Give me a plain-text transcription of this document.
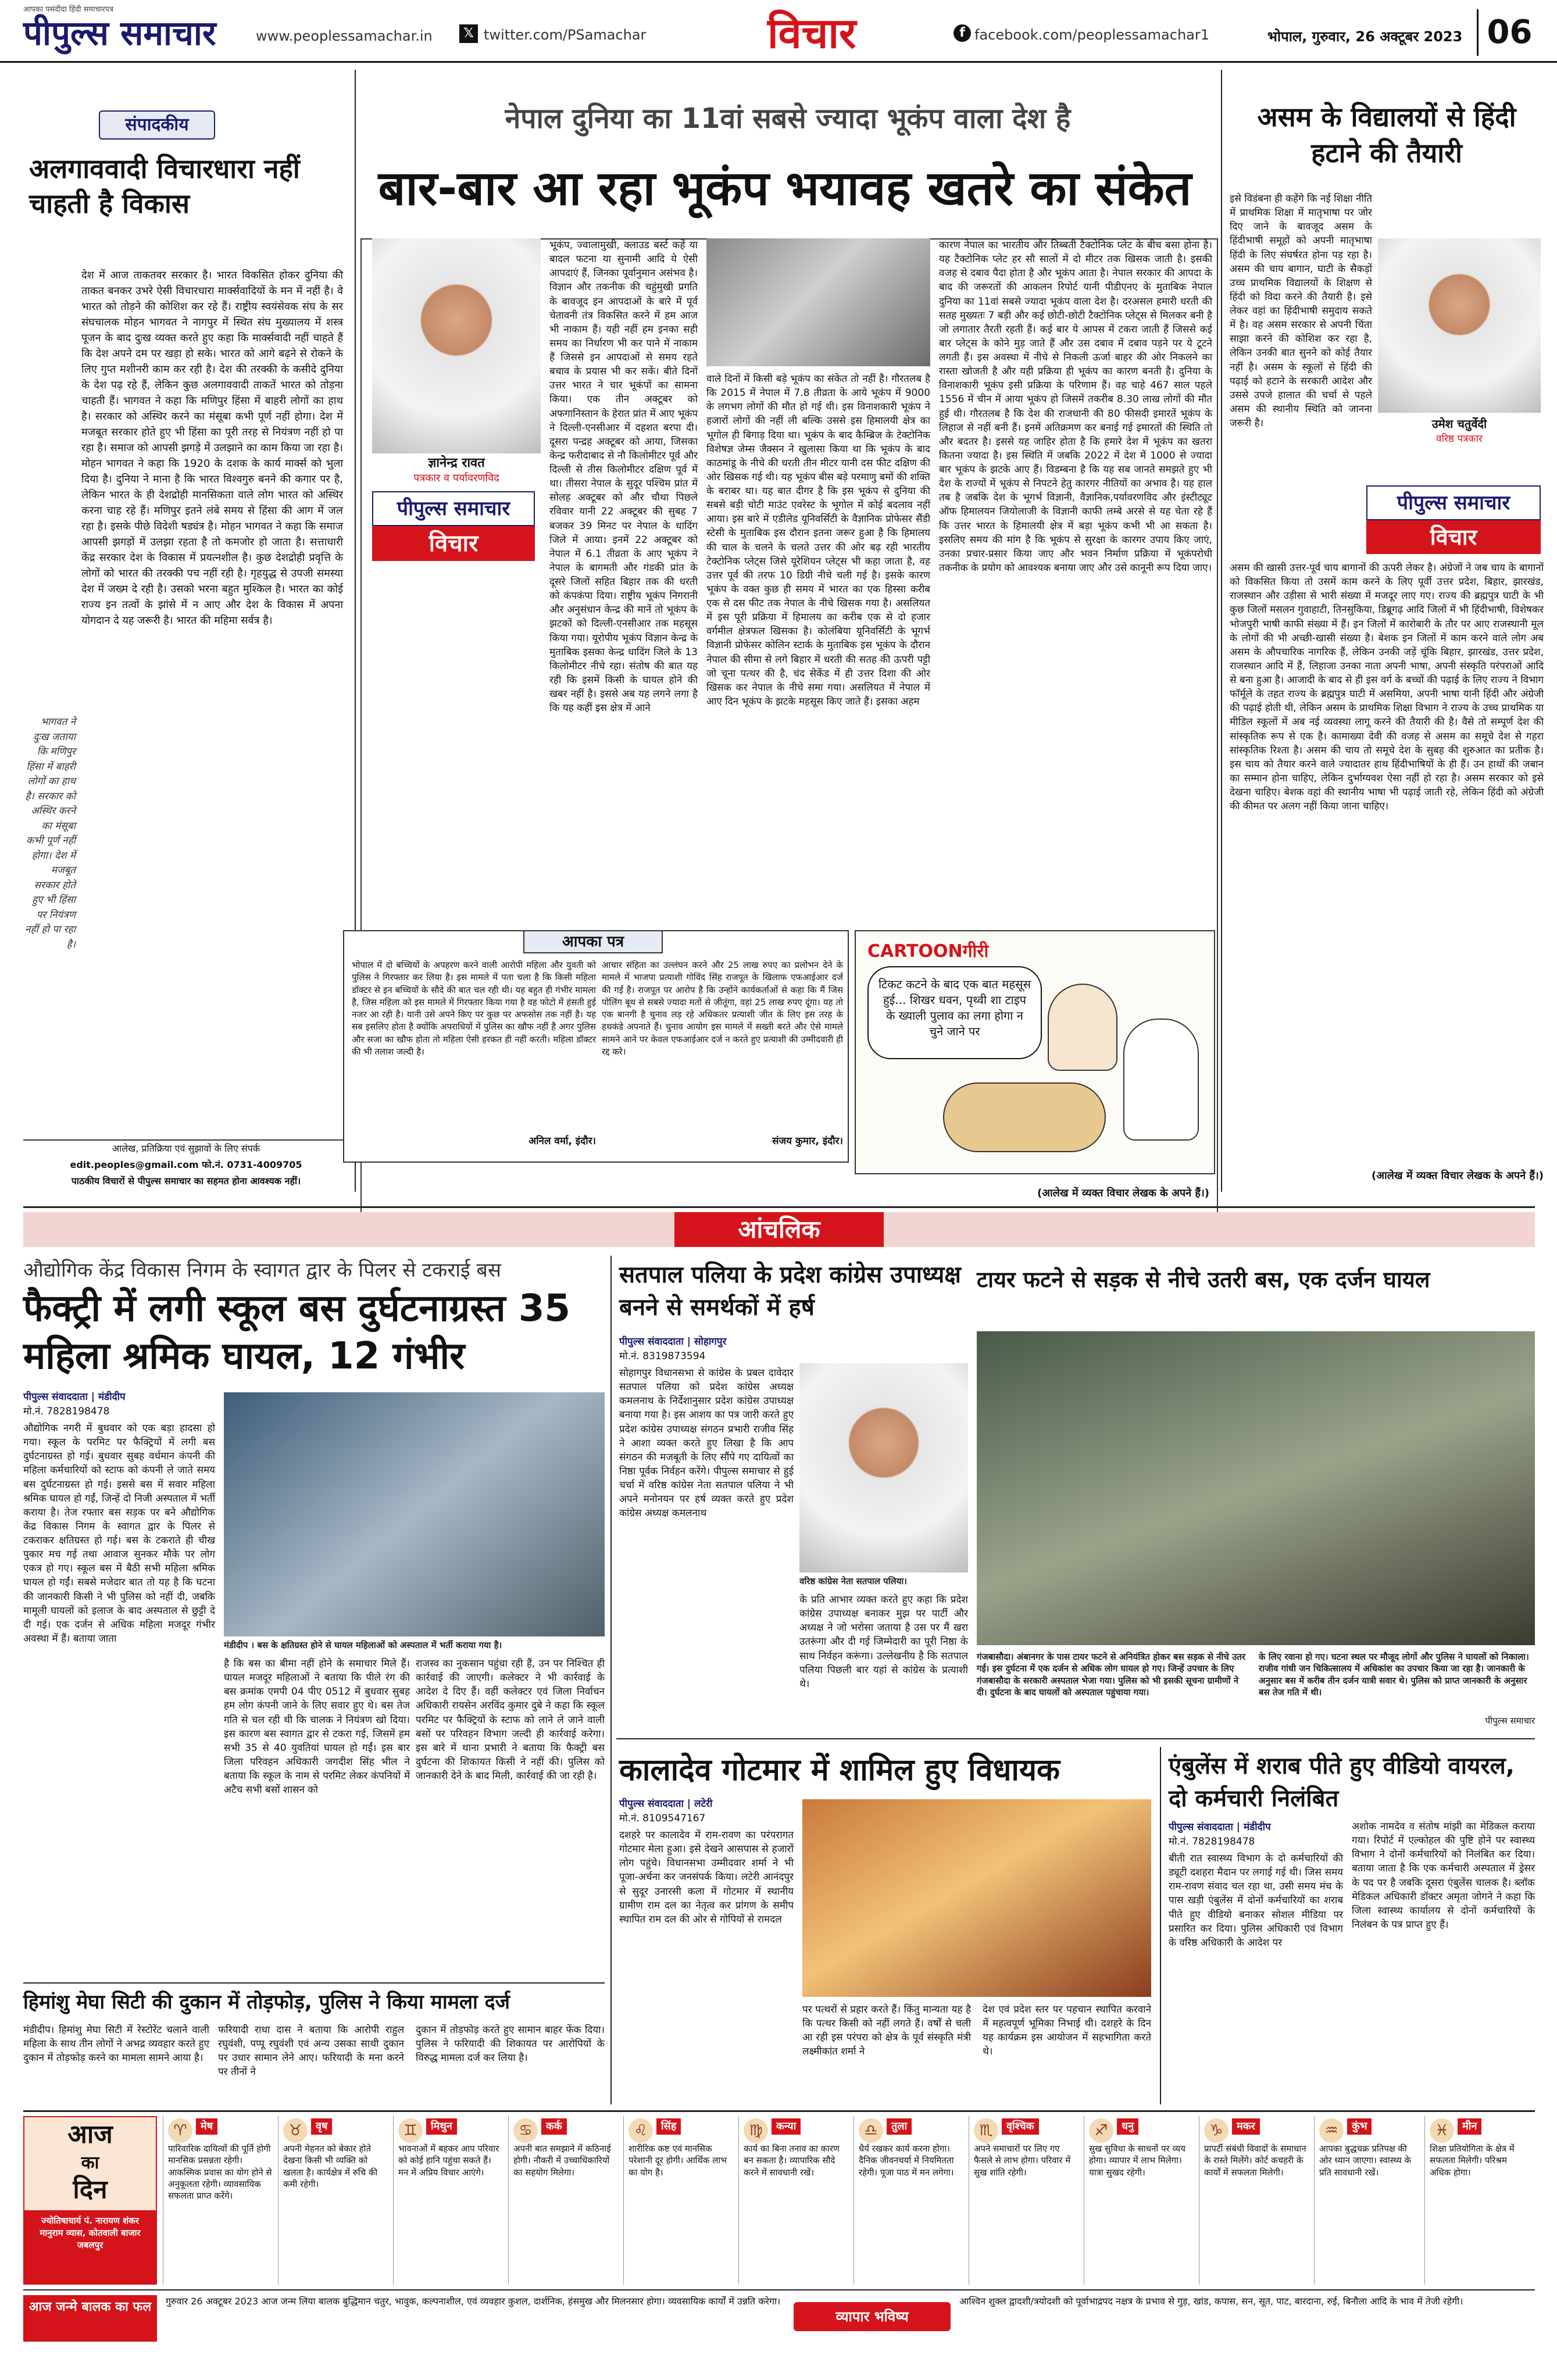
आपका पसंदीदा हिंदी समाचारपत्र
पीपुल्स समाचार	www.peoplessamachar.in	𝕏 twitter.com/PSamachar	विचार	f facebook.com/peoplessamachar1	भोपाल, गुरुवार, 26 अक्टूबर 2023 06
संपादकीय
अलगाववादी विचारधारा नहीं चाहती है विकास
देश में आज ताकतवर सरकार है। भारत विकसित होकर दुनिया की ताकत बनकर उभरे ऐसी विचारधारा मार्क्सवादियों के मन में नहीं है। वे भारत को तोड़ने की कोशिश कर रहे हैं। राष्ट्रीय स्वयंसेवक संघ के सर संघचालक मोहन भागवत ने नागपुर में स्थित संघ मुख्यालय में शस्त्र पूजन के बाद दुःख व्यक्त करते हुए कहा कि मार्क्सवादी नहीं चाहते हैं कि देश अपने दम पर खड़ा हो सके। भारत को आगे बढ़ने से रोकने के लिए गुप्त मशीनरी काम कर रही है। देश की तरक्की के कसीदे दुनिया के देश पढ़ रहे हैं, लेकिन कुछ अलगाववादी ताकतें भारत को तोड़ना चाहती हैं। भागवत ने कहा कि मणिपुर हिंसा में बाहरी लोगों का हाथ है। सरकार को अस्थिर करने का मंसूबा कभी पूर्ण नहीं होगा। देश में मजबूत सरकार होते हुए भी हिंसा का पूरी तरह से नियंत्रण नहीं हो पा रहा है। समाज को आपसी झगड़े में उलझाने का काम किया जा रहा है। मोहन भागवत ने कहा कि 1920 के दशक के कार्य मार्क्स को भुला दिया है। दुनिया ने माना है कि भारत विश्वगुरु बनने की कगार पर है, लेकिन भारत के ही देशद्रोही मानसिकता वाले लोग भारत को अस्थिर करना चाह रहे हैं। मणिपुर इतने लंबे समय से हिंसा की आग में जल रहा है। इसके पीछे विदेशी षड्यंत्र है। मोहन भागवत ने कहा कि समाज आपसी झगड़ों में उलझा रहता है तो कमजोर हो जाता है। सत्ताधारी केंद्र सरकार देश के विकास में प्रयत्नशील है। कुछ देशद्रोही प्रवृत्ति के लोगों को भारत की तरक्की पच नहीं रही है। गृहयुद्ध से उपजी समस्या देश में जख्म दे रही है। उसको भरना बहुत मुश्किल है। भारत का कोई राज्य इन तत्वों के झांसे में न आए और देश के विकास में अपना योगदान दे यह जरूरी है। भारत की महिमा सर्वत्र है।
भागवत ने दुःख जताया कि मणिपुर हिंसा में बाहरी लोगों का हाथ है। सरकार को अस्थिर करने का मंसूबा कभी पूर्ण नहीं होगा। देश में मजबूत सरकार होते हुए भी हिंसा पर नियंत्रण नहीं हो पा रहा है।
आलेख, प्रतिक्रिया एवं सुझावों के लिए संपर्क
edit.peoples@gmail.com फो.नं. 0731-4009705
पाठकीय विचारों से पीपुल्स समाचार का सहमत होना आवश्यक नहीं।
नेपाल दुनिया का 11वां सबसे ज्यादा भूकंप वाला देश है
बार-बार आ रहा भूकंप भयावह खतरे का संकेत
ज्ञानेन्द्र रावत
पत्रकार व पर्यावरणविद
पीपुल्स समाचार
विचार
भूकंप, ज्वालामुखी, क्लाउड बर्स्ट कहें या बादल फटना या सुनामी आदि ये ऐसी आपदाएं हैं, जिनका पूर्वानुमान असंभव है। विज्ञान और तकनीक की चहुंमुखी प्रगति के बावजूद इन आपदाओं के बारे में पूर्व चेतावनी तंत्र विकसित करने में हम आज भी नाकाम हैं। यही नहीं हम इनका सही समय का निर्धारण भी कर पाने में नाकाम हैं जिससे इन आपदाओं से समय रहते बचाव के प्रयास भी कर सकें। बीते दिनों उत्तर भारत ने चार भूकंपों का सामना किया। एक तीन अक्टूबर को अफगानिस्तान के हेरात प्रांत में आए भूकंप ने दिल्ली-एनसीआर में दहशत बरपा दी। दूसरा पन्द्रह अक्टूबर को आया, जिसका केन्द्र फरीदाबाद से नौ किलोमीटर पूर्व और दिल्ली से तीस किलोमीटर दक्षिण पूर्व में था। तीसरा नेपाल के सुदूर पश्चिम प्रांत में सोलह अक्टूबर को और चौथा पिछले रविवार यानी 22 अक्टूबर की सुबह 7 बजकर 39 मिनट पर नेपाल के धादिंग जिले में आया। इनमें 22 अक्टूबर को नेपाल में 6.1 तीव्रता के आए भूकंप ने नेपाल के बागमती और गंडकी प्रांत के दूसरे जिलों सहित बिहार तक की धरती को कंपकंपा दिया। राष्ट्रीय भूकंप निगरानी और अनुसंधान केन्द्र की मानें तो भूकंप के झटकों को दिल्ली-एनसीआर तक महसूस किया गया। यूरोपीय भूकंप विज्ञान केन्द्र के मुताबिक इसका केन्द्र धादिंग जिले के 13 किलोमीटर नीचे रहा। संतोष की बात यह रही कि इसमें किसी के घायल होने की खबर नहीं है। इससे अब यह लगने लगा है कि यह कहीं इस क्षेत्र में आने
वाले दिनों में किसी बड़े भूकंप का संकेत तो नहीं है। गौरतलब है कि 2015 में नेपाल में 7.8 तीव्रता के आये भूकंप में 9000 के लगभग लोगों की मौत हो गई थी। इस विनाशकारी भूकंप ने हजारों लोगों की नहीं ली बल्कि उससे इस हिमालयी क्षेत्र का भूगोल ही बिगाड़ दिया था। भूकंप के बाद कैम्ब्रिज के टेक्टोनिक विशेषज्ञ जेम्स जैक्सन ने खुलासा किया था कि भूकंप के बाद काठमांडू के नीचे की धरती तीन मीटर यानी दस फीट दक्षिण की ओर खिसक गई थी। यह भूकंप बीस बड़े परमाणु बमों की शक्ति के बराबर था। यह बात दीगर है कि इस भूकंप से दुनिया की सबसे बड़ी चोटी माउंट एवरेस्ट के भूगोल में कोई बदलाव नहीं आया। इस बारे में एडीलेड यूनिवर्सिटी के वैज्ञानिक प्रोफेसर सैंडी स्टेसी के मुताबिक इस दौरान इतना जरूर हुआ है कि हिमालय की चाल के चलने के चलते उत्तर की ओर बढ़ रही भारतीय टेक्टोनिक प्लेट्स जिसे यूरेशियन प्लेट्स भी कहा जाता है, वह उत्तर पूर्व की तरफ 10 डिग्री नीचे चली गई है। इसके कारण भूकंप के वक्त कुछ ही समय में भारत का एक हिस्सा करीब एक से दस फीट तक नेपाल के नीचे खिसक गया है। असलियत में इस पूरी प्रक्रिया में हिमालय का करीब एक से दो हजार वर्गमील क्षेत्रफल खिसका है। कोलंबिया यूनिवर्सिटी के भूगर्भ विज्ञानी प्रोफेसर कोलिन स्टार्क के मुताबिक इस भूकंप के दौरान नेपाल की सीमा से लगे बिहार में धरती की सतह की ऊपरी पट्टी जो चूना पत्थर की है, चंद सेकेंड में ही उत्तर दिशा की ओर खिसक कर नेपाल के नीचे समा गया। असलियत में नेपाल में आए दिन भूकंप के झटके महसूस किए जाते हैं। इसका अहम
कारण नेपाल का भारतीय और तिब्बती टैक्टोनिक प्लेट के बीच बसा होना है। यह टैक्टोनिक प्लेट हर सौ सालों में दो मीटर तक खिसक जाती है। इसकी वजह से दबाव पैदा होता है और भूकंप आता है। नेपाल सरकार की आपदा के बाद की जरूरतों की आकलन रिपोर्ट यानी पीडीएनए के मुताबिक नेपाल दुनिया का 11वां सबसे ज्यादा भूकंप वाला देश है। दरअसल हमारी धरती की सतह मुख्यतः 7 बड़ी और कई छोटी-छोटी टैक्टोनिक प्लेट्स से मिलकर बनी है जो लगातार तैरती रहती हैं। कई बार ये आपस में टकरा जाती हैं जिससे कई बार प्लेट्स के कोने मुड़ जाते हैं और उस दबाव में दबाव पड़ने पर ये टूटने लगती हैं। इस अवस्था में नीचे से निकली ऊर्जा बाहर की ओर निकलने का रास्ता खोजती है और यही प्रक्रिया ही भूकंप का कारण बनती है। दुनिया के विनाशकारी भूकंप इसी प्रक्रिया के परिणाम हैं। वह चाहे 467 साल पहले 1556 में चीन में आया भूकंप हो जिसमें तकरीब 8.30 लाख लोगों की मौत हुई थी। गौरतलब है कि देश की राजधानी की 80 फीसदी इमारतें भूकंप के लिहाज से नहीं बनी हैं। इनमें अतिक्रमण कर बनाई गई इमारतों की स्थिति तो और बदतर है। इससे यह जाहिर होता है कि हमारे देश में भूकंप का खतरा कितना ज्यादा है। इस स्थिति में जबकि 2022 में देश में 1000 से ज्यादा बार भूकंप के झटके आए हैं। विडम्बना है कि यह सब जानते समझते हुए भी देश के राज्यों में भूकंप से निपटने हेतु कारगर नीतियों का अभाव है। यह हाल तब है जबकि देश के भूगर्भ विज्ञानी, वैज्ञानिक,पर्यावरणविद और इंस्टीट्यूट ऑफ हिमालयन जियोलाजी के विज्ञानी काफी लम्बे अरसे से यह चेता रहे हैं कि उत्तर भारत के हिमालयी क्षेत्र में बड़ा भूकंप कभी भी आ सकता है। इसलिए समय की मांग है कि भूकंप से सुरक्षा के कारगर उपाय किए जाएं, उनका प्रचार-प्रसार किया जाए और भवन निर्माण प्रक्रिया में भूकंपरोधी तकनीक के प्रयोग को आवश्यक बनाया जाए और उसे कानूनी रूप दिया जाए।
(आलेख में व्यक्त विचार लेखक के अपने हैं।)
आपका पत्र
भोपाल में दो बच्चियों के अपहरण करने वाली आरोपी महिला और युवती को पुलिस ने गिरफ्तार कर लिया है। इस मामले में पता चला है कि किसी महिला डॉक्टर से इन बच्चियों के सौदे की बात चल रही थी। यह बहुत ही गंभीर मामला है, जिस महिला को इस मामले में गिरफ्तार किया गया है वह फोटो में हंसती हुई नजर आ रही है। यानी उसे अपने किए पर कुछ पर अफसोस तक नहीं है। यह सब इसलिए होता है क्योंकि अपराधियों में पुलिस का खौफ नहीं है अगर पुलिस और सजा का खौफ होता तो महिला ऐसी हरकत ही नहीं करती। महिला डॉक्टर की भी तलाश जल्दी है।
अनिल वर्मा, इंदौर।
आचार संहिता का उल्लंघन करने और 25 लाख रुपए का प्रलोभन देने के मामले में भाजपा प्रत्याशी गोविंद सिंह राजपूत के खिलाफ एफआईआर दर्ज की गई है। राजपूत पर आरोप है कि उन्होंने कार्यकर्ताओं से कहा कि मैं जिस पोलिंग बूथ से सबसे ज्यादा मतों से जीतूंगा, वहां 25 लाख रुपए दूंगा। यह तो एक बानगी है चुनाव लड़ रहे अधिकतर प्रत्याशी जीत के लिए इस तरह के हथकंडे अपनाते हैं। चुनाव आयोग इस मामले में सख्ती बरते और ऐसे मामले सामने आने पर केवल एफआईआर दर्ज न करते हुए प्रत्याशी की उम्मीदवारी ही रद्द करे।
संजय कुमार, इंदौर।
CARTOONगीरी
टिकट कटने के बाद एक बात महसूस हुई... शिखर धवन, पृथ्वी शा टाइप के ख्याली पुलाव का लगा होगा न चुने जाने पर
असम के विद्यालयों से हिंदी हटाने की तैयारी
इसे विडंबना ही कहेंगे कि नई शिक्षा नीति में प्राथमिक शिक्षा में मातृभाषा पर जोर दिए जाने के बावजूद असम के हिंदीभाषी समूहों को अपनी मातृभाषा हिंदी के लिए संघर्षरत होना पड़ रहा है। असम की चाय बागान, घाटी के सैकड़ों उच्च प्राथमिक विद्यालयों के शिक्षण से हिंदी को विदा करने की तैयारी है। इसे लेकर वहां का हिंदीभाषी समुदाय सकते में है। वह असम सरकार से अपनी चिंता साझा करने की कोशिश कर रहा है, लेकिन उनकी बात सुनने को कोई तैयार नहीं है। असम के स्कूलों से हिंदी की पढ़ाई को हटाने के सरकारी आदेश और उससे उपजे हालात की चर्चा से पहले असम की स्थानीय स्थिति को जानना जरूरी है।	उमेश चतुर्वेदी
वरिष्ठ पत्रकार
पीपुल्स समाचार
विचार
असम की खासी उत्तर-पूर्व चाय बागानों की ऊपरी लेकर है। अंग्रेजों ने जब चाय के बागानों को विकसित किया तो उसमें काम करने के लिए पूर्वी उत्तर प्रदेश, बिहार, झारखंड, राजस्थान और उड़ीसा से भारी संख्या में मजदूर लाए गए। राज्य की ब्रह्मपुत्र घाटी के भी कुछ जिलों मसलन गुवाहाटी, तिनसुकिया, डिब्रूगढ़ आदि जिलों में भी हिंदीभाषी, विशेषकर भोजपुरी भाषी काफी संख्या में हैं। इन जिलों में कारोबारी के तौर पर आए राजस्थानी मूल के लोगों की भी अच्छी-खासी संख्या है। बेशक इन जिलों में काम करने वाले लोग अब असम के औपचारिक नागरिक हैं, लेकिन उनकी जड़ें चूंकि बिहार, झारखंड, उत्तर प्रदेश, राजस्थान आदि में हैं, लिहाजा उनका नाता अपनी भाषा, अपनी संस्कृति परंपराओं आदि से बना हुआ है। आजादी के बाद से ही इस वर्ग के बच्चों की पढ़ाई के लिए राज्य ने विभाग फॉर्मूले के तहत राज्य के ब्रह्मपुत्र घाटी में असमिया, अपनी भाषा यानी हिंदी और अंग्रेजी की पढ़ाई होती थी, लेकिन असम के प्राथमिक शिक्षा विभाग ने राज्य के उच्च प्राथमिक या मीडिल स्कूलों में अब नई व्यवस्था लागू करने की तैयारी की है। वैसे तो सम्पूर्ण देश की सांस्कृतिक रूप से एक है। कामाख्या देवी की वजह से असम का समूचे देश से गहरा सांस्कृतिक रिश्ता है। असम की चाय तो समूचे देश के सुबह की शुरुआत का प्रतीक है। इस चाय को तैयार करने वाले ज्यादातर हाथ हिंदीभाषियों के ही हैं। उन हाथों की जबान का सम्मान होना चाहिए, लेकिन दुर्भाग्यवश ऐसा नहीं हो रहा है। असम सरकार को इसे देखना चाहिए। बेशक वहां की स्थानीय भाषा भी पढ़ाई जाती रहे, लेकिन हिंदी को अंग्रेजी की कीमत पर अलग नहीं किया जाना चाहिए।
(आलेख में व्यक्त विचार लेखक के अपने हैं।)
आंचलिक
औद्योगिक केंद्र विकास निगम के स्वागत द्वार के पिलर से टकराई बस
फैक्ट्री में लगी स्कूल बस दुर्घटनाग्रस्त 35 महिला श्रमिक घायल, 12 गंभीर
पीपुल्स संवाददाता | मंडीदीप
मो.नं. 7828198478
औद्योगिक नगरी में बुधवार को एक बड़ा हादसा हो गया। स्कूल के परमिट पर फैक्ट्रियों में लगी बस दुर्घटनाग्रस्त हो गई। बुधवार सुबह वर्धमान कंपनी की महिला कर्मचारियों को स्टाफ को कंपनी ले जाते समय बस दुर्घटनाग्रस्त हो गई। इससे बस में सवार महिला श्रमिक घायल हो गईं, जिन्हें दो निजी अस्पताल में भर्ती कराया है। तेज रफ्तार बस सड़क पर बने औद्योगिक केंद्र विकास निगम के स्वागत द्वार के पिलर से टकराकर क्षतिग्रस्त हो गई। बस के टकराते ही चीख पुकार मच गई तथा आवाज सुनकर मौके पर लोग एकत्र हो गए। स्कूल बस में बैठी सभी महिला श्रमिक घायल हो गईं। सबसे मजेदार बात तो यह है कि घटना की जानकारी किसी ने भी पुलिस को नहीं दी, जबकि मामूली घायलों को इलाज के बाद अस्पताल से छुट्टी दे दी गई। एक दर्जन से अधिक महिला मजदूर गंभीर अवस्था में हैं। बताया जाता
मंडीदीप । बस के क्षतिग्रस्त होने से घायल महिलाओं को अस्पताल में भर्ती कराया गया है।
है कि बस का बीमा नहीं होने के समाचार मिले हैं। घायल मजदूर महिलाओं ने बताया कि पीले रंग की बस क्रमांक एमपी 04 पीए 0512 में बुधवार सुबह हम लोग कंपनी जाने के लिए सवार हुए थे। बस तेज गति से चल रही थी कि चालक ने नियंत्रण खो दिया। इस कारण बस स्वागत द्वार से टकरा गई, जिसमें हम सभी 35 से 40 युवतियां घायल हो गईं। इस बार जिला परिवहन अधिकारी जगदीश सिंह भील ने बताया कि स्कूल के नाम से परमिट लेकर कंपनियों में अटैच सभी बसों शासन को
राजस्व का नुकसान पहुंचा रही हैं, उन पर निश्चित ही कार्रवाई की जाएगी। कलेक्टर ने भी कार्रवाई के आदेश दे दिए हैं। वहीं कलेक्टर एवं जिला निर्वाचन अधिकारी रायसेन अरविंद कुमार दुबे ने कहा कि स्कूल परमिट पर फैक्ट्रियों के स्टाफ को लाने ले जाने वाली बसों पर परिवहन विभाग जल्दी ही कार्रवाई करेगा। इस बारे में थाना प्रभारी ने बताया कि फैक्ट्री बस दुर्घटना की शिकायत किसी ने नहीं की। पुलिस को जानकारी देने के बाद मिली, कार्रवाई की जा रही है।
हिमांशु मेघा सिटी की दुकान में तोड़फोड़, पुलिस ने किया मामला दर्ज
मंडीदीप। हिमांशु मेघा सिटी में रेस्टोरेंट चलाने वाली महिला के साथ तीन लोगों ने अभद्र व्यवहार करते हुए दुकान में तोड़फोड़ करने का मामला सामने आया है।
फरियादी राधा दास ने बताया कि आरोपी राहुल रघुवंशी, पप्पू रघुवंशी एवं अन्य उसका साथी दुकान पर उधार सामान लेने आए। फरियादी के मना करने पर तीनों ने
दुकान में तोड़फोड़ करते हुए सामान बाहर फेंक दिया। पुलिस ने फरियादी की शिकायत पर आरोपियों के विरुद्ध मामला दर्ज कर लिया है।
सतपाल पलिया के प्रदेश कांग्रेस उपाध्यक्ष बनने से समर्थकों में हर्ष
पीपुल्स संवाददाता | सोहागपुर
मो.नं. 8319873594
सोहागपुर विधानसभा से कांग्रेस के प्रबल दावेदार सतपाल पलिया को प्रदेश कांग्रेस अध्यक्ष कमलनाथ के निर्देशानुसार प्रदेश कांग्रेस उपाध्यक्ष बनाया गया है। इस आशय का पत्र जारी करते हुए प्रदेश कांग्रेस उपाध्यक्ष संगठन प्रभारी राजीव सिंह ने आशा व्यक्त करते हुए लिखा है कि आप संगठन की मजबूती के लिए सौंपे गए दायित्वों का निष्ठा पूर्वक निर्वहन करेंगे। पीपुल्स समाचार से हुई चर्चा में वरिष्ठ कांग्रेस नेता सतपाल पलिया ने भी अपने मनोनयन पर हर्ष व्यक्त करते हुए प्रदेश कांग्रेस अध्यक्ष कमलनाथ
वरिष्ठ कांग्रेस नेता सतपाल पलिया।
के प्रति आभार व्यक्त करते हुए कहा कि प्रदेश कांग्रेस उपाध्यक्ष बनाकर मुझ पर पार्टी और अध्यक्ष ने जो भरोसा जताया है उस पर मैं खरा उतरूंगा और दी गई जिम्मेदारी का पूरी निष्ठा के साथ निर्वहन करूंगा। उल्लेखनीय है कि सतपाल पलिया पिछली बार यहां से कांग्रेस के प्रत्याशी थे।
टायर फटने से सड़क से नीचे उतरी बस, एक दर्जन घायल
गंजबासौदा। अंबानगर के पास टायर फटने से अनियंत्रित होकर बस सड़क से नीचे उतर गई। इस दुर्घटना में एक दर्जन से अधिक लोग घायल हो गए। जिन्हें उपचार के लिए गंजबासौदा के सरकारी अस्पताल भेजा गया। पुलिस को भी इसकी सूचना ग्रामीणों ने दी। दुर्घटना के बाद घायलों को अस्पताल पहुंचाया गया।
के लिए रवाना हो गए। घटना स्थल पर मौजूद लोगों और पुलिस ने घायलों को निकाला। राजीव गांधी जन चिकित्सालय में अधिकांश का उपचार किया जा रहा है। जानकारी के अनुसार बस में करीब तीन दर्जन यात्री सवार थे। पुलिस को प्राप्त जानकारी के अनुसार बस तेज गति में थी।
पीपुल्स समाचार
कालादेव गोटमार में शामिल हुए विधायक
पीपुल्स संवाददाता | लटेरी
मो.नं. 8109547167
दशहरे पर कालादेव में राम-रावण का परंपरागत गोटमार मेला हुआ। इसे देखने आसपास से हजारों लोग पहुंचे। विधानसभा उम्मीदवार शर्मा ने भी पूजा-अर्चना कर जनसंपर्क किया। लटेरी आनंदपुर से सुदूर उनारसी कला में गोटमार में स्थानीय ग्रामीण राम दल का नेतृत्व कर प्रांगण के समीप स्थापित राम दल की ओर से गोपियों से रामदल
पर पत्थरों से प्रहार करते हैं। किंतु मान्यता यह है कि पत्थर किसी को नहीं लगते हैं। वर्षों से चली आ रही इस परंपरा को क्षेत्र के पूर्व संस्कृति मंत्री लक्ष्मीकांत शर्मा ने
देश एवं प्रदेश स्तर पर पहचान स्थापित करवाने में महत्वपूर्ण भूमिका निभाई थी। दशहरे के दिन यह कार्यक्रम इस आयोजन में सहभागिता करते थे।
एंबुलेंस में शराब पीते हुए वीडियो वायरल, दो कर्मचारी निलंबित
पीपुल्स संवाददाता | मंडीदीप
मो.नं. 7828198478
बीती रात स्वास्थ्य विभाग के दो कर्मचारियों की ड्यूटी दशहरा मैदान पर लगाई गई थी। जिस समय राम-रावण संवाद चल रहा था, उसी समय मंच के पास खड़ी एंबुलेंस में दोनों कर्मचारियों का शराब पीते हुए वीडियो बनाकर सोशल मीडिया पर प्रसारित कर दिया। पुलिस अधिकारी एवं विभाग के वरिष्ठ अधिकारी के आदेश पर
अशोक नामदेव व संतोष मांझी का मेडिकल कराया गया। रिपोर्ट में एल्कोहल की पुष्टि होने पर स्वास्थ्य विभाग ने दोनों कर्मचारियों को निलंबित कर दिया। बताया जाता है कि एक कर्मचारी अस्पताल में ड्रेसर के पद पर है जबकि दूसरा एंबुलेंस चालक है। ब्लॉक मेडिकल अधिकारी डॉक्टर अमृता जोगने ने कहा कि जिला स्वास्थ्य कार्यालय से दोनों कर्मचारियों के निलंबन के पत्र प्राप्त हुए हैं।
आज
का
दिन
ज्योतिषाचार्य पं. नारायण शंकर मानुराम व्यास, कोतवाली बाजार जबलपुर
♈	मेष
पारिवारिक दायित्वों की पूर्ति होगी मानसिक प्रसन्नता रहेगी। आकस्मिक प्रवास का योग होने से अनुकूलता रहेगी। व्यावसायिक सफलता प्राप्त करेंगे।
♉	वृष
अपनी मेहनत को बेकार होते देखना किसी भी व्यक्ति को खलता है। कार्यक्षेत्र में रुचि की कमी रहेगी।
♊	मिथुन
भावनाओं में बहकर आप परिवार को कोई हानि पहुंचा सकते हैं। मन में अप्रिय विचार आएंगे।
♋	कर्क
अपनी बात समझाने में कठिनाई होगी। नौकरी में उच्चाधिकारियों का सहयोग मिलेगा।
♌	सिंह
शारीरिक कष्ट एवं मानसिक परेशानी दूर होगी। आर्थिक लाभ का योग है।
♍	कन्या
कार्य का बिना तनाव का कारण बन सकता है। व्यापारिक सौदे करने में सावधानी रखें।
♎	तुला
धैर्य रखकर कार्य करना होगा। दैनिक जीवनचर्या में नियमितता रहेगी। पूजा पाठ में मन लगेगा।
♏	वृश्चिक
अपने समाचारों पर लिए गए फैसले से लाभ होगा। परिवार में सुख शांति रहेगी।
♐	धनु
सुख सुविधा के साधनों पर व्यय होगा। व्यापार में लाभ मिलेगा। यात्रा सुखद रहेगी।
♑	मकर
प्रापर्टी संबंधी विवादों के समाधान के रास्ते मिलेंगे। कोर्ट कचहरी के कार्यों में सफलता मिलेगी।
♒	कुंभ
आपका बुद्धचक्र प्रतिपक्ष की ओर ध्यान जाएगा। स्वास्थ्य के प्रति सावधानी रखें।
♓	मीन
शिक्षा प्रतियोगिता के क्षेत्र में सफलता मिलेगी। परिश्रम अधिक होगा।
आज जन्मे बालक का फल	गुरुवार 26 अक्टूबर 2023 आज जन्म लिया बालक बुद्धिमान चतुर, भावुक, कल्पनाशील, एवं व्यवहार कुशल, दार्शनिक, हंसमुख और मिलनसार होगा। व्यवसायिक कार्यों में उन्नति करेगा।
व्यापार भविष्य
आश्विन शुक्ल द्वादशी/त्रयोदशी को पूर्वाभाद्रपद नक्षत्र के प्रभाव से गुड़, खांड, कपास, सन, सूत, पाट, बारदाना, रुई, बिनौला आदि के भाव में तेजी रहेगी।
